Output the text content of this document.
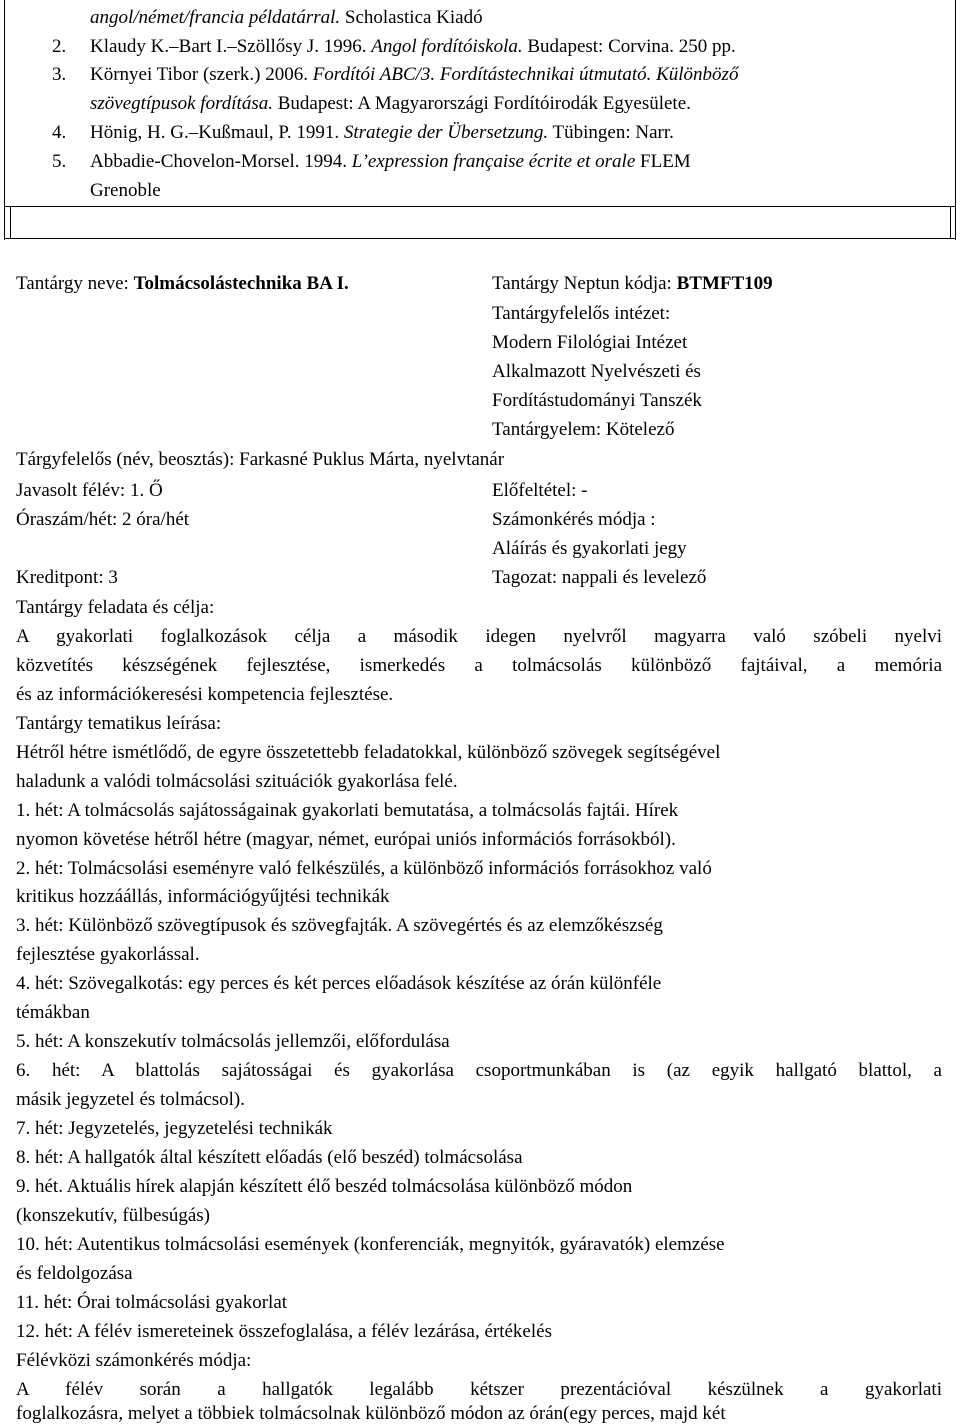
angol/német/francia példatárral. Scholastica Kiadó
2. Klaudy K.–Bart I.–Szöllősy J. 1996. Angol fordítóiskola. Budapest: Corvina. 250 pp.
3. Környei Tibor (szerk.) 2006. Fordítói ABC/3. Fordítástechnikai útmutató. Különböző
szövegtípusok fordítása. Budapest: A Magyarországi Fordítóirodák Egyesülete.
4. Hönig, H. G.–Kußmaul, P. 1991. Strategie der Übersetzung. Tübingen: Narr.
5. Abbadie-Chovelon-Morsel. 1994. L’expression française écrite et orale FLEM
Grenoble
Tantárgy neve: Tolmácsolástechnika BA I.	Tantárgy Neptun kódja: BTMFT109
Tantárgyfelelős intézet:
Modern Filológiai Intézet
Alkalmazott Nyelvészeti és
Fordítástudományi Tanszék
Tantárgyelem: Kötelező
Tárgyfelelős (név, beosztás): Farkasné Puklus Márta, nyelvtanár
Javasolt félév: 1. Ő	Előfeltétel: -
Óraszám/hét: 2 óra/hét	Számonkérés módja :
Aláírás és gyakorlati jegy
Kreditpont: 3	Tagozat: nappali és levelező
Tantárgy feladata és célja:
A gyakorlati foglalkozások célja a második idegen nyelvről magyarra való szóbeli nyelvi
közvetítés készségének fejlesztése, ismerkedés a tolmácsolás különböző fajtáival, a memória
és az információkeresési kompetencia fejlesztése.
Tantárgy tematikus leírása:
Hétről hétre ismétlődő, de egyre összetettebb feladatokkal, különböző szövegek segítségével
haladunk a valódi tolmácsolási szituációk gyakorlása felé.
1. hét: A tolmácsolás sajátosságainak gyakorlati bemutatása, a tolmácsolás fajtái. Hírek
nyomon követése hétről hétre (magyar, német, európai uniós információs forrásokból).
2. hét: Tolmácsolási eseményre való felkészülés, a különböző információs forrásokhoz való
kritikus hozzáállás, információgyűjtési technikák
3. hét: Különböző szövegtípusok és szövegfajták. A szövegértés és az elemzőkészség
fejlesztése gyakorlással.
4. hét: Szövegalkotás: egy perces és két perces előadások készítése az órán különféle
témákban
5. hét: A konszekutív tolmácsolás jellemzői, előfordulása
6. hét: A blattolás sajátosságai és gyakorlása csoportmunkában is (az egyik hallgató blattol, a
másik jegyzetel és tolmácsol).
7. hét: Jegyzetelés, jegyzetelési technikák
8. hét: A hallgatók által készített előadás (elő beszéd) tolmácsolása
9. hét. Aktuális hírek alapján készített élő beszéd tolmácsolása különböző módon
(konszekutív, fülbesúgás)
10. hét: Autentikus tolmácsolási események (konferenciák, megnyitók, gyáravatók) elemzése
és feldolgozása
11. hét: Órai tolmácsolási gyakorlat
12. hét: A félév ismereteinek összefoglalása, a félév lezárása, értékelés
Félévközi számonkérés módja:
A félév során a hallgatók legalább kétszer prezentációval készülnek a gyakorlati
foglalkozásra, melyet a többiek tolmácsolnak különböző módon az órán(egy perces, majd két
